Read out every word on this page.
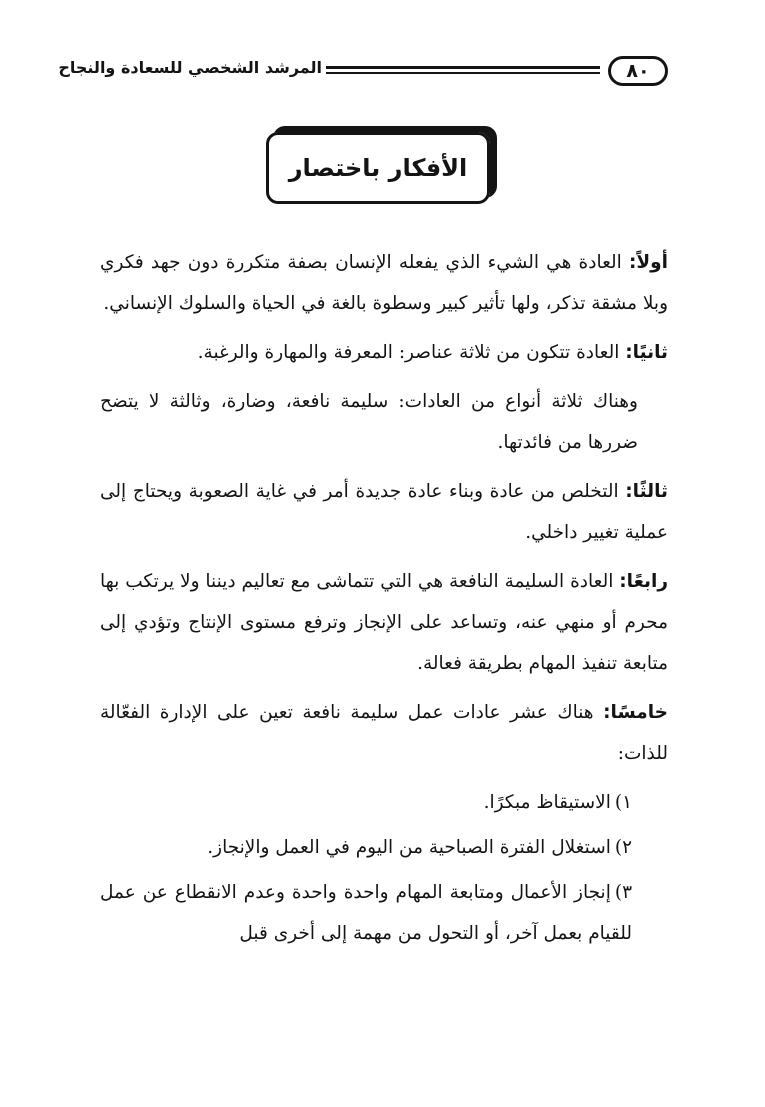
المرشد الشخصي للسعادة والنجاح	٨٠
الأفكار باختصار

أولاً: العادة هي الشيء الذي يفعله الإنسان بصفة متكررة دون جهد فكري وبلا مشقة تذكر، ولها تأثير كبير وسطوة بالغة في الحياة والسلوك الإنساني.

ثانيًا: العادة تتكون من ثلاثة عناصر: المعرفة والمهارة والرغبة.

وهناك ثلاثة أنواع من العادات: سليمة نافعة، وضارة، وثالثة لا يتضح ضررها من فائدتها.

ثالثًا: التخلص من عادة وبناء عادة جديدة أمر في غاية الصعوبة ويحتاج إلى عملية تغيير داخلي.

رابعًا: العادة السليمة النافعة هي التي تتماشى مع تعاليم ديننا ولا يرتكب بها محرم أو منهي عنه، وتساعد على الإنجاز وترفع مستوى الإنتاج وتؤدي إلى متابعة تنفيذ المهام بطريقة فعالة.

خامسًا: هناك عشر عادات عمل سليمة نافعة تعين على الإدارة الفعّالة للذات:

١)الاستيقاظ مبكرًا.

٢)استغلال الفترة الصباحية من اليوم في العمل والإنجاز.

٣)إنجاز الأعمال ومتابعة المهام واحدة واحدة وعدم الانقطاع عن عمل للقيام بعمل آخر، أو التحول من مهمة إلى أخرى قبل
